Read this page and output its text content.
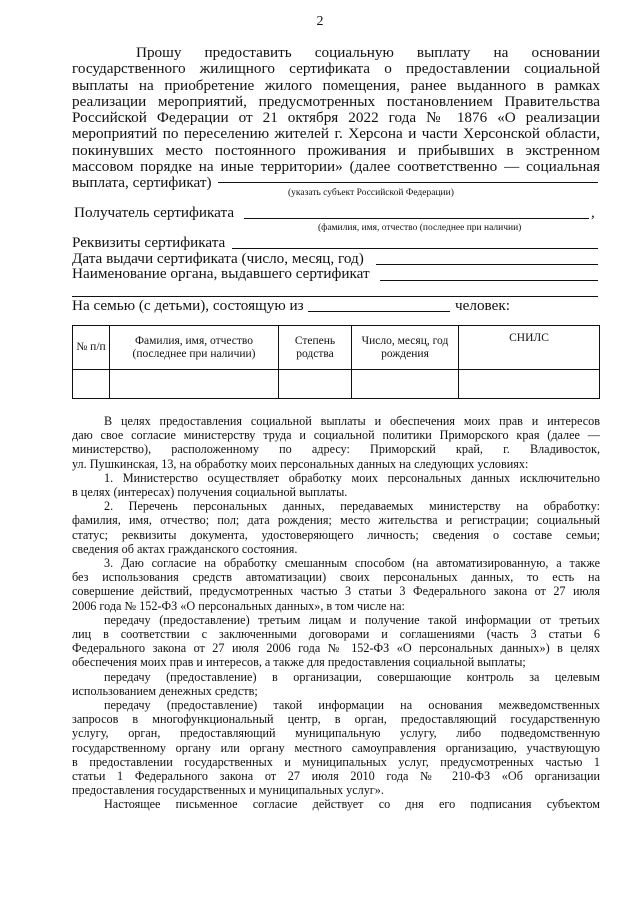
2
Прошу предоставить социальную выплату на основании
государственного жилищного сертификата о предоставлении социальной
выплаты на приобретение жилого помещения, ранее выданного в рамках
реализации мероприятий, предусмотренных постановлением Правительства
Российской Федерации от 21 октября 2022 года № 1876 «О реализации
мероприятий по переселению жителей г. Херсона и части Херсонской области,
покинувших место постоянного проживания и прибывших в экстренном
массовом порядке на иные территории» (далее соответственно — социальная
выплата, сертификат)
(указать субъект Российской Федерации)
Получатель сертификата	,
(фамилия, имя, отчество (последнее при наличии)
Реквизиты сертификата
Дата выдачи сертификата (число, месяц, год)
Наименование органа, выдавшего сертификат
На семью (с детьми), состоящую из	человек:
№ п/п	Фамилия, имя, отчество (последнее при наличии)	Степень родства	Число, месяц, год рождения	СНИЛС

В целях предоставления социальной выплаты и обеспечения моих прав и интересов
даю свое согласие министерству труда и социальной политики Приморского края (далее —
министерство), расположенному по адресу: Приморский край, г. Владивосток,
ул. Пушкинская, 13, на обработку моих персональных данных на следующих условиях:
1. Министерство осуществляет обработку моих персональных данных исключительно
в целях (интересах) получения социальной выплаты.
2. Перечень персональных данных, передаваемых министерству на обработку:
фамилия, имя, отчество; пол; дата рождения; место жительства и регистрации; социальный
статус; реквизиты документа, удостоверяющего личность; сведения о составе семьи;
сведения об актах гражданского состояния.
3. Даю согласие на обработку смешанным способом (на автоматизированную, а также
без использования средств автоматизации) своих персональных данных, то есть на
совершение действий, предусмотренных частью 3 статьи 3 Федерального закона от 27 июля
2006 года № 152-ФЗ «О персональных данных», в том числе на:
передачу (предоставление) третьим лицам и получение такой информации от третьих
лиц в соответствии с заключенными договорами и соглашениями (часть 3 статьи 6
Федерального закона от 27 июля 2006 года № 152-ФЗ «О персональных данных») в целях
обеспечения моих прав и интересов, а также для предоставления социальной выплаты;
передачу (предоставление) в организации, совершающие контроль за целевым
использованием денежных средств;
передачу (предоставление) такой информации на основания межведомственных
запросов в многофункциональный центр, в орган, предоставляющий государственную
услугу, орган, предоставляющий муниципальную услугу, либо подведомственную
государственному органу или органу местного самоуправления организацию, участвующую
в предоставлении государственных и муниципальных услуг, предусмотренных частью 1
статьи 1 Федерального закона от 27 июля 2010 года № 210-ФЗ «Об организации
предоставления государственных и муниципальных услуг».
Настоящее письменное согласие действует со дня его подписания субъектом
